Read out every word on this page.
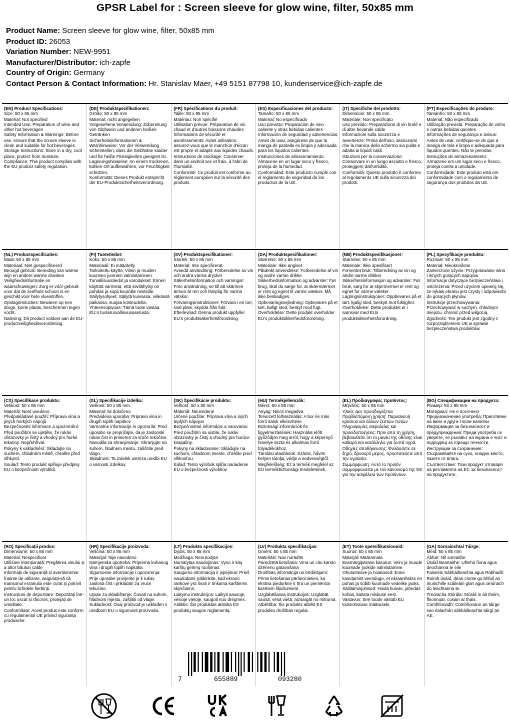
GPSR Label for : Screen sleeve for glow wine, filter, 50x85 mm
Product Name: Screen sleeve for glow wine, filter, 50x85 mm
Product ID: 26053
Variation Number: NEW-9951
Manufacturer/Distributor: ich-zapfe
Country of Origin: Germany
Contact Person & Contact Information: Hr. Stanislav Maer, +49 5151 87798 10, kundenservice@ich-zapfe.de
(EN) Product Specifications:
Size: 50 x 85 mm
Material: Not specified
Intended Use: Preparation of wine and other hot beverages
Safety Information & Warnings: Before use, ensure that the screen sleeve is clean and suitable for hot beverages.
Storage Instructions: Store in a dry, cool place, protect from moisture.
Compliance: This product complies with the EU product safety regulation.
(DE) Produktspezifikationen:
Größe: 50 x 85 mm
Material: nicht angegeben
Vorgesehene Verwendung: Zubereitung von Glühwein und anderen heißen Getränken
Sicherheitsinformationen & Warnhinweise: Vor der Verwendung sicherstellen, dass die Siebhülse sauber und für heiße Flüssigkeiten geeignet ist.
Lagerungshinweise: An einem trockenen, kühlen Ort aufbewahren, vor Feuchtigkeit schützen.
Konformität: Dieses Produkt entspricht der EU-Produktsicherheitsverordnung.
(FR) Spécifications du produit:
Taille: 50 x 85 mm
Matériau: Non spécifié
Utilisation prévue: Préparation de vin chaud et d'autres boissons chaudes
Informations de sécurité et avertissements: Avant utilisation, assurez-vous que le manchon d'écran est propre et adapté aux liquides chauds.
Instructions de stockage: Conserver dans un endroit sec et frais, à l'abri de l'humidité.
Conformité: Ce produit est conforme au règlement européen sur la sécurité des produits.
(ES) Especificaciones del producto:
Tamaño: 50 x 85 mm
Material: No especificado
Uso previsto: Preparación de vino caliente y otras bebidas calientes
Información de seguridad y advertencias: Antes de usar, asegúrese de que la manga de pantalla es limpia y adecuada para los líquidos calientes.
Instrucciones de almacenamiento: Almacene en un lugar seco y fresco, proteja de la humedad.
Conformidad: Este producto cumple con el reglamento de seguridad de los productos de la UE.
(IT) Specifiche del prodotto:
Dimensioni: 50 x 85 mm
Materiale: Non specificato
Uso previsto: Preparazione di vin brulé e di altre bevande calde
Informazioni sulla sicurezza e avvertenze: Prima dell'uso, assicurarsi che la manica dello schermo sia pulita e adatta ai liquidi caldi.
Istruzioni per la conservazione: Conservare in un luogo asciutto e fresco, proteggere dall'umidità.
Conformità: Questo prodotto è conforme al regolamento UE sulla sicurezza dei prodotti.
(PT) Especificações do produto:
Tamanho: 50 x 85 mm
Material: Não especificado
Utilização prevista: Preparação de vinho e outras bebidas quentes
Informações de segurança e avisos: Antes de usar, certifique-se de que a manga de tela é limpa e adequada para líquidos quentes. Não te prendas.
Instruções de armazenamento: Armazene em um lugar seco e fresco, proteja contra a umidade.
Conformidade: Este produto está em conformidade com o regulamento de segurança dos produtos da UE.
(NL) Productspecificaties:
Maat: 50 x 85 mm
Materiaal: Niet gespecificeerd
Beoogd gebruik: Bereiding van warme wijn en andere warme dranken
Veiligheidsinformatie en waarschuwingen: Zorg er vóór gebruik voor dat de zeefhuls schoon is en geschikt voor hete vloeistoffen.
Opslaginstructies: Bewaren op een droge, koele plaats, beschermen tegen vocht.
Naleving: Dit product voldoet aan de EU-productveiligheidsverordening.
(FI) Tuotetiedot:
Koko: 50 x 85 mm
Materiaali: Ei määritelty
Tarkoitettu käyttö: Viinin ja muiden kuumien juomien valmistaminen
Turvallisuustiedot ja varoitukset: Ennen käyttöä varmista, että siivilähylsy on puhdas ja sopii kuumille nesteille.
Säilytysohjeet: Säilytä kuivassa, viileässä paikassa, suojaa kosteudelta.
Yhteensopivuus: Tämä tuote vastaa EU:n tuoteturvallisuusasetusta.
(SV) Produktspecifikationer:
Storlek: 50 x 85 mm
Material: Inte specificerat
Avsedd användning: Förberedelse av vin och andra varma drycker
Säkerhetsinformation och varningar: Före användning, se till att skärmen ärmen är ren och lämplig för varma vätskor.
Förvaringsinstruktioner: Förvara i en torr, sval plats, skydda från fukt.
Efterlevnad: Denna produkt uppfyller EU:s produktsäkerhetsförordning.
(DA) Produktspecifikationer:
Størrelse: 50 x 85 mm
Materiale: Ikke angivet
Påtænkt anvendelse: Forberedelse af vin og andre varme drikke
Sikkerhedsinformation og advarsler: Før brug, skal du sørge for, at skærmærmet er rent og egnet til varme væsker. Må ikke beskadiges.
Opbevaringsvejledning: Opbevares på et tørt, køligt sted, beskyt mod fugt.
Overholdelse: Dette produkt overholder EU's produktsikkerhedsforordning.
(NB) Produktspesifikasjoner:
Størrelse: 50 x 85 mm
Materiale: Ikke spesifisert
Forventet bruk: Tilberedning av vin og andre varme drikker
Sikkerhetsinformasjon og advarsler: Før bruk, sørg for at skjermermet er rent og egnet for varme væsker.
Lagringsinstruksjoner: Oppbevares på et tørt, kjølig sted, beskytt mot fuktighet.
Overholdelse: Dette produktet er i samsvar med EUs produktsikkerhetsforordning.
(PL) Specyfikacje produktu:
Rozmiar: 50 x 85 mm
Materiał: Nieokreślone
Zamierzone użycie: Przygotowanie wina i innych gorących napojów
Informacje dotyczące bezpieczeństwa i ostrzeżenia: Przed użyciem upewnij się, że rękaw ekranu jest czysty i odpowiedni do gorących płynów.
Instrukcje przechowywania: Przechowywać w suchym, chłodnym miejscu, chronić przed wilgocią.
Zgodność: Ten produkt jest zgodny z rozporządzeniem UE w sprawie bezpieczeństwa produktów.
(CS) Specifikace produktu:
Velikost: 50 x 85 mm
Materiál: Není uvedeno
Předpokládané použití: Příprava vína a jiných horkých nápojů
Bezpečnostní informace a upozornění: Před použitím se ujistěte, že rukáv obrazovky je čistý a vhodný pro horké tekutiny. Nepřehřívat.
Pokyny k uskladnění: Skladujte na suchém, chladném místě, chraňte před vlhkostí.
Soulad: Tento produkt splňuje předpisy EU o bezpečnosti výrobků.
(SL) Specifikacije izdelka:
Velikost: 50 x 85 mm
Material: Ni določeno
Predvidena uporaba: Priprava vina in drugih toplih napitkov
Varnostne informacije in opozorila: Pred uporabo se prepričajte, da je zaslonski rokav čist in primeren za vroče tekočine.
Navodila za shranjevanje: Shranjujte na suhem, hladnem mestu, zaščitite pred vlago.
Skladnost: Ta izdelek ustreza uredbi EU o varnosti izdelkov.
(SK) Špecifikácie produktu:
Veľkosť: 50 x 85 mm
Materiál: Neuvedené
Určené použitie: Príprava vína a iných teplých nápojov
Bezpečnostné informácie a varovania: Pred použitím sa uistite, že rukáv obrazovky je čistý a vhodný pre horúce kvapaliny.
Pokyny na skladovanie: Skladujte na suchom, chladnom mieste, chráňte pred vlhkosťou.
Súlad: Tento výrobok spĺňa nariadenie EÚ o bezpečnosti výrobkov.
(HU) Termékjellemzők:
Méret: 50 x 85 mm
Anyag: Nincs megadva
Tervezett felhasználás: A bor és más forró italok elkészítése
Biztonsági információk és figyelmeztetések: Használat előtt győződjön meg arról, hogy a képernyő hüvelye tiszta és alkalmas forró folyadékokhoz.
Tárolási utasítások: Száraz, hűvös helyen tárolja, védje a nedvességtől.
Megfelelőség: Ez a termék megfelel az EU termékbiztonsági rendeletének.
(EL) Προδιαγραφές προϊόντος:
Μέγεθος: 50 x 85 mm
Υλικό: Δεν προσδιορίζεται
Προβλεπόμενη χρήση: Παρασκευή κρασιού και άλλων ζεστών ποτών
Πληροφορίες ασφαλείας και προειδοποιήσεις: Πριν από τη χρήση, βεβαιωθείτε ότι το μανίκι της οθόνης είναι καθαρό και κατάλληλο για ζεστά υγρά.
Οδηγίες αποθήκευσης: Φυλάσσετε σε ξηρό, δροσερό μέρος, προστατεύετε από την υγρασία.
Συμμόρφωση: Αυτό το προϊόν συμμορφώνεται με τον κανονισμό της ΕΕ για την ασφάλεια των προϊόντων.
(BG) Спецификации на продукта:
Размер: 50 x 85 mm
Материал: Не е посочено
Предназначение употреба: Приготвяне на вино и други топли напитки
Информация за безопасност и предупреждения: Преди употреба се уверете, че ръкавът на екрана е чист и подходящ за горещи течности.
Инструкции за съхранение: Съхранявайте на сухо, хладно място, пазете от влага.
Съответствие: Този продукт отговаря на регламента на ЕС за безопасност на продуктите.
(RO) Specificații produs:
Dimensiune: 50 x 85 mm
Material: Nespecificat
Utilizare intenționată: Pregătirea vinului și a altor băuturi calde
Informații de siguranță și avertismente: Înainte de utilizare, asigurați-vă că manșonul ecranului este curat și potrivit pentru lichidele fierbinți.
Instrucțiuni de depozitare: Depozitați într-un loc uscat și răcoros, protejați de umiditate.
Conformitate: Acest produs este conform cu regulamentul UE privind siguranța produselor.
(HR) Specifikacije proizvoda:
Veličina: 50 x 85 mm
Materijal: Nije navedeno
Namjenska upotreba: Priprema kuhanog vina i drugih toplih napitaka
Sigurnosne informacije i upozorenja: Prije uporabe provjerite je li rukav zaslona čist i prikladan za vruće tekućine.
Upute za skladištenje: Čuvati na suhom, hladnom mjestu, zaštititi od vlage.
Sukladnost: Ovaj proizvod je usklađen s uredbom EU o sigurnosti proizvoda.
(LT) Produkto specifikacijos:
Dydis: 50 x 85 mm
Medžiaga: Nenurodyta
Numatytas naudojimas: Vyno ir kitų karštų gėrimų ruošimas
Saugumo informacija ir įspėjimai: Prieš naudodami įsitikinkite, kad ekrano rankovė yra švari ir tinkama karštiems skysčiams.
Laikymo instrukcijos: Laikyti sausoje, vėsioje vietoje, saugoti nuo drėgmės.
Atitiktis: Šis produktas atitinka ES produktų saugos reglamentą.
(LV) Produkta specifikācijas:
Izmērs: 50 x 85 mm
Materiāls: Nav norādīts
Paredzētā lietošana: Vīna un citu karsto dzērienu gatavošana
Drošības informācija un brīdinājumi: Pirms lietošanas pārliecinieties, ka ekrāna piedurkne ir tīra un piemērota karstiem šķidrumiem.
Uzglabāšanas instrukcijas: Uzglabāt sausā, vēsā vietā, aizsargāt no mitruma.
Atbilstība: Šis produkts atbilst ES produktu drošības regulai.
(ET) Toote spetsifikatsioonid:
Suurus: 50 x 85 mm
Materjal: Määramata
Eesmärgipärane kasutus: Veini ja muude kuumade jookide valmistamine
Ohutusteave ja hoiatused: Enne kasutamist veenduge, et ekraanihülss on puhas ja sobib kuumade vedelike jaoks.
Säilitamisjuhised: Hoida kuivas, jahedas kohas, kaitsta niiskuse eest.
Vastavus: See toode vastab ELi tooteohutuse määrusele.
(GA) Sonraíochtaí Táirge:
Méid: 50 x 85 mm
Ábhar: Níl sonraithe
Úsáid Beartaithe: Ullmhú fíona agus deochanna te eile
Faisnéis Sábháilteachta agus Rabhadh: Roimh úsáid, déan cinnte go bhfuil an muinchille scáileáin glan agus oiriúnach do leachtanna te.
Treoracha Stórála: Stóráil in áit thirim, fhionnuar, cosain ar thais.
Comhlíonadh: Comhlíonann an táirge seo rialachán sábháilteachta táirgí an AE.
7	655889	093280
